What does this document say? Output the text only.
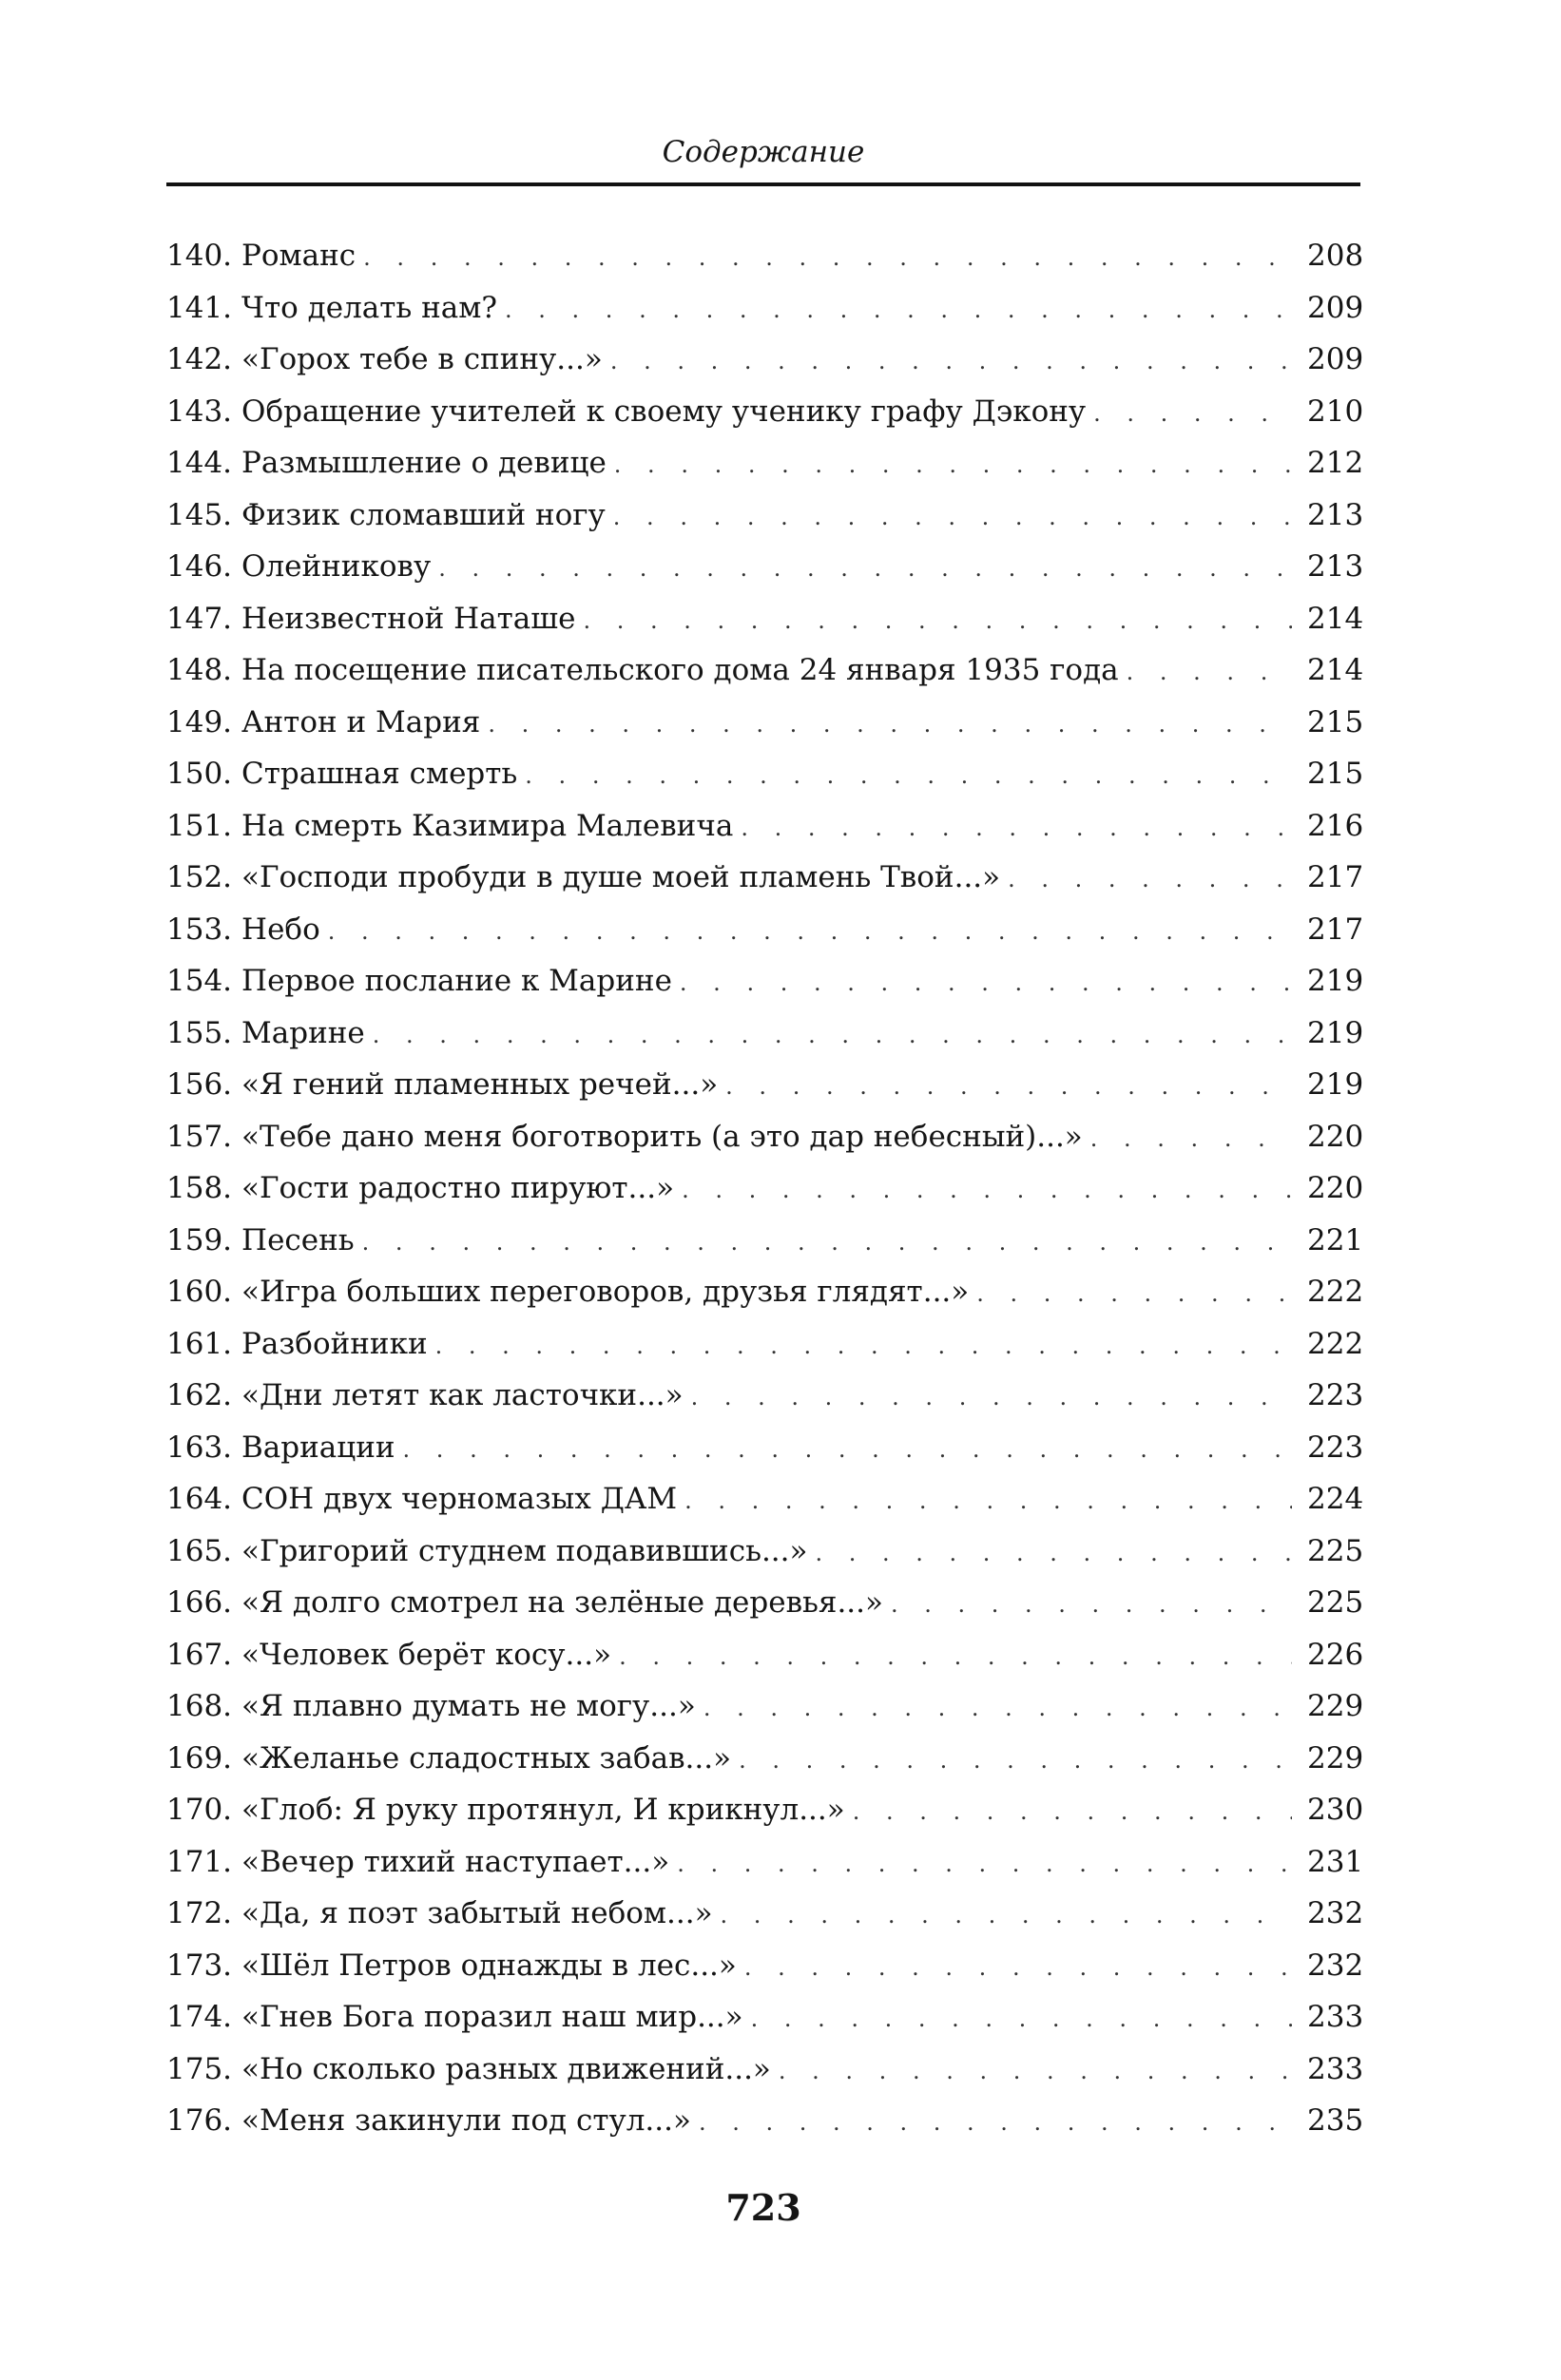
Содержание
140. Романс . . .	208
141. Что делать нам? . . .	209
142. «Горох тебе в спину...» . . .	209
143. Обращение учителей к своему ученику графу Дэкону . . .	210
144. Размышление о девице . . .	212
145. Физик сломавший ногу . . .	213
146. Олейникову . . .	213
147. Неизвестной Наташе . . .	214
148. На посещение писательского дома 24 января 1935 года . . .	214
149. Антон и Мария . . .	215
150. Страшная смерть . . .	215
151. На смерть Казимира Малевича . . .	216
152. «Господи пробуди в душе моей пламень Твой...» . . .	217
153. Небо . . .	217
154. Первое послание к Марине . . .	219
155. Марине . . .	219
156. «Я гений пламенных речей...» . . .	219
157. «Тебе дано меня боготворить (а это дар небесный)...» . . .	220
158. «Гости радостно пируют...» . . .	220
159. Песень . . .	221
160. «Игра больших переговоров, друзья глядят...» . . .	222
161. Разбойники . . .	222
162. «Дни летят как ласточки...» . . .	223
163. Вариации . . .	223
164. СОН двух черномазых ДАМ . . .	224
165. «Григорий студнем подавившись...» . . .	225
166. «Я долго смотрел на зелёные деревья...» . . .	225
167. «Человек берёт косу...» . . .	226
168. «Я плавно думать не могу...» . . .	229
169. «Желанье сладостных забав...» . . .	229
170. «Глоб: Я руку протянул, И крикнул...» . . .	230
171. «Вечер тихий наступает...» . . .	231
172. «Да, я поэт забытый небом...» . . .	232
173. «Шёл Петров однажды в лес...» . . .	232
174. «Гнев Бога поразил наш мир...» . . .	233
175. «Но сколько разных движений...» . . .	233
176. «Меня закинули под стул...» . . .	235
723
